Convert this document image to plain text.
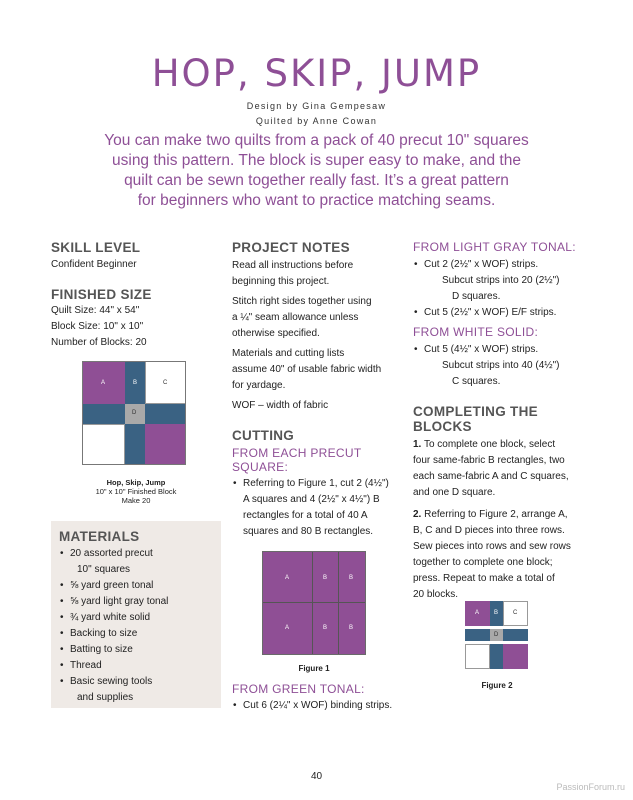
HOP, SKIP, JUMP
Design by Gina Gempesaw
Quilted by Anne Cowan
You can make two quilts from a pack of 40 precut 10" squares
using this pattern. The block is super easy to make, and the
quilt can be sewn together really fast. It’s a great pattern
for beginners who want to practice matching seams.
SKILL LEVEL
Confident Beginner
FINISHED SIZE
Quilt Size: 44" x 54"
Block Size: 10" x 10"
Number of Blocks: 20
A	B	C
D
Hop, Skip, Jump
10" x 10" Finished Block
Make 20
MATERIALS
• 20 assorted precut
10" squares
• ⅝ yard green tonal
• ⅝ yard light gray tonal
• ¾ yard white solid
• Backing to size
• Batting to size
• Thread
• Basic sewing tools
and supplies
PROJECT NOTES
Read all instructions before
beginning this project.
Stitch right sides together using
a ¼" seam allowance unless
otherwise specified.
Materials and cutting lists
assume 40" of usable fabric width
for yardage.
WOF – width of fabric
CUTTING
FROM EACH PRECUT
SQUARE:
• Referring to Figure 1, cut 2 (4½")
A squares and 4 (2½" x 4½") B
rectangles for a total of 40 A
squares and 80 B rectangles.
A	B	B
A	B	B
Figure 1
FROM GREEN TONAL:
• Cut 6 (2¼" x WOF) binding strips.
FROM LIGHT GRAY TONAL:
• Cut 2 (2½" x WOF) strips.
Subcut strips into 20 (2½")
D squares.
• Cut 5 (2½" x WOF) E/F strips.
FROM WHITE SOLID:
• Cut 5 (4½" x WOF) strips.
Subcut strips into 40 (4½")
C squares.
COMPLETING THE
BLOCKS
1. To complete one block, select
four same-fabric B rectangles, two
each same-fabric A and C squares,
and one D square.
2. Referring to Figure 2, arrange A,
B, C and D pieces into three rows.
Sew pieces into rows and sew rows
together to complete one block;
press. Repeat to make a total of
20 blocks.
A B C
D
Figure 2
40
PassionForum.ru
